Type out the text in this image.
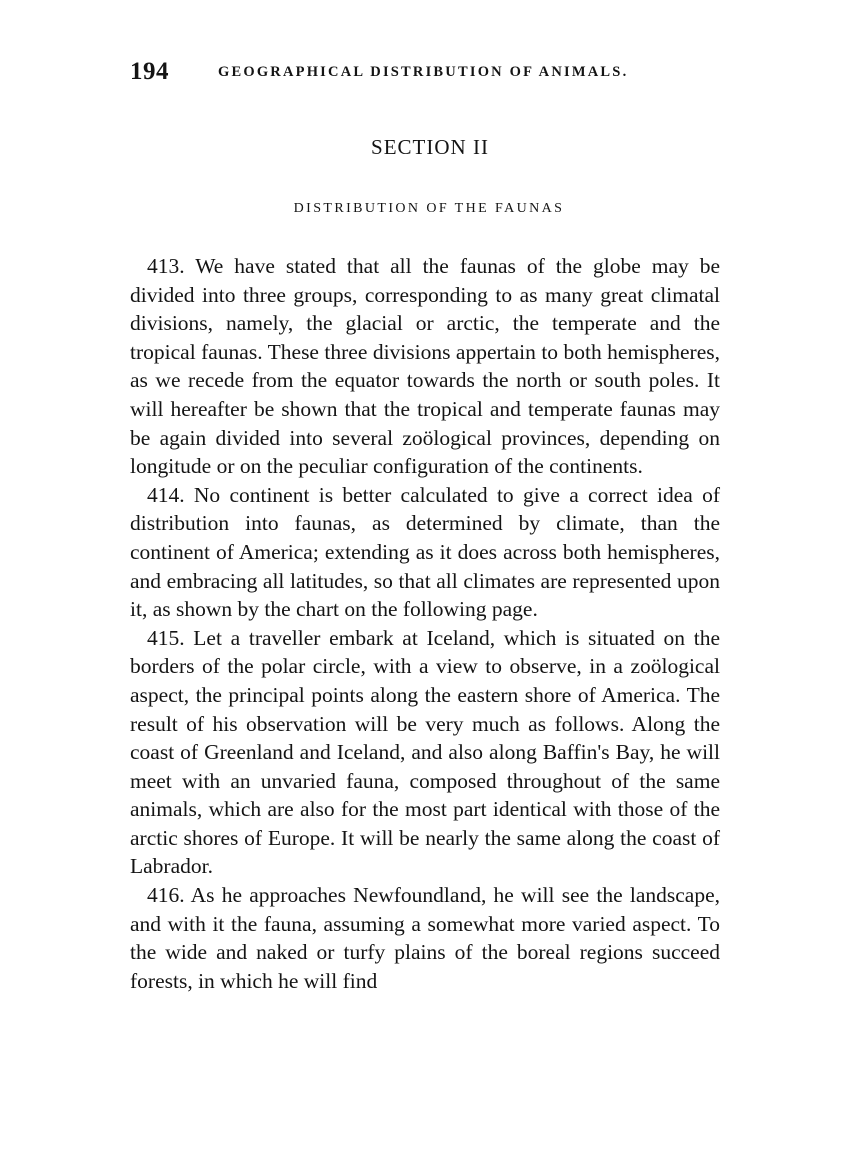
194	GEOGRAPHICAL DISTRIBUTION OF ANIMALS.
SECTION II
DISTRIBUTION OF THE FAUNAS

413. We have stated that all the faunas of the globe may be divided into three groups, corresponding to as many great climatal divisions, namely, the glacial or arctic, the temperate and the tropical faunas. These three divisions appertain to both hemispheres, as we recede from the equator towards the north or south poles. It will hereafter be shown that the tropical and temperate faunas may be again divided into several zoölogical provinces, depending on longitude or on the peculiar configuration of the continents.

414. No continent is better calculated to give a correct idea of distribution into faunas, as determined by climate, than the continent of America; extending as it does across both hemispheres, and embracing all latitudes, so that all climates are represented upon it, as shown by the chart on the following page.

415. Let a traveller embark at Iceland, which is situated on the borders of the polar circle, with a view to observe, in a zoölogical aspect, the principal points along the eastern shore of America. The result of his observation will be very much as follows. Along the coast of Greenland and Iceland, and also along Baffin's Bay, he will meet with an unvaried fauna, composed throughout of the same animals, which are also for the most part identical with those of the arctic shores of Europe. It will be nearly the same along the coast of Labrador.

416. As he approaches Newfoundland, he will see the landscape, and with it the fauna, assuming a somewhat more varied aspect. To the wide and naked or turfy plains of the boreal regions succeed forests, in which he will find
